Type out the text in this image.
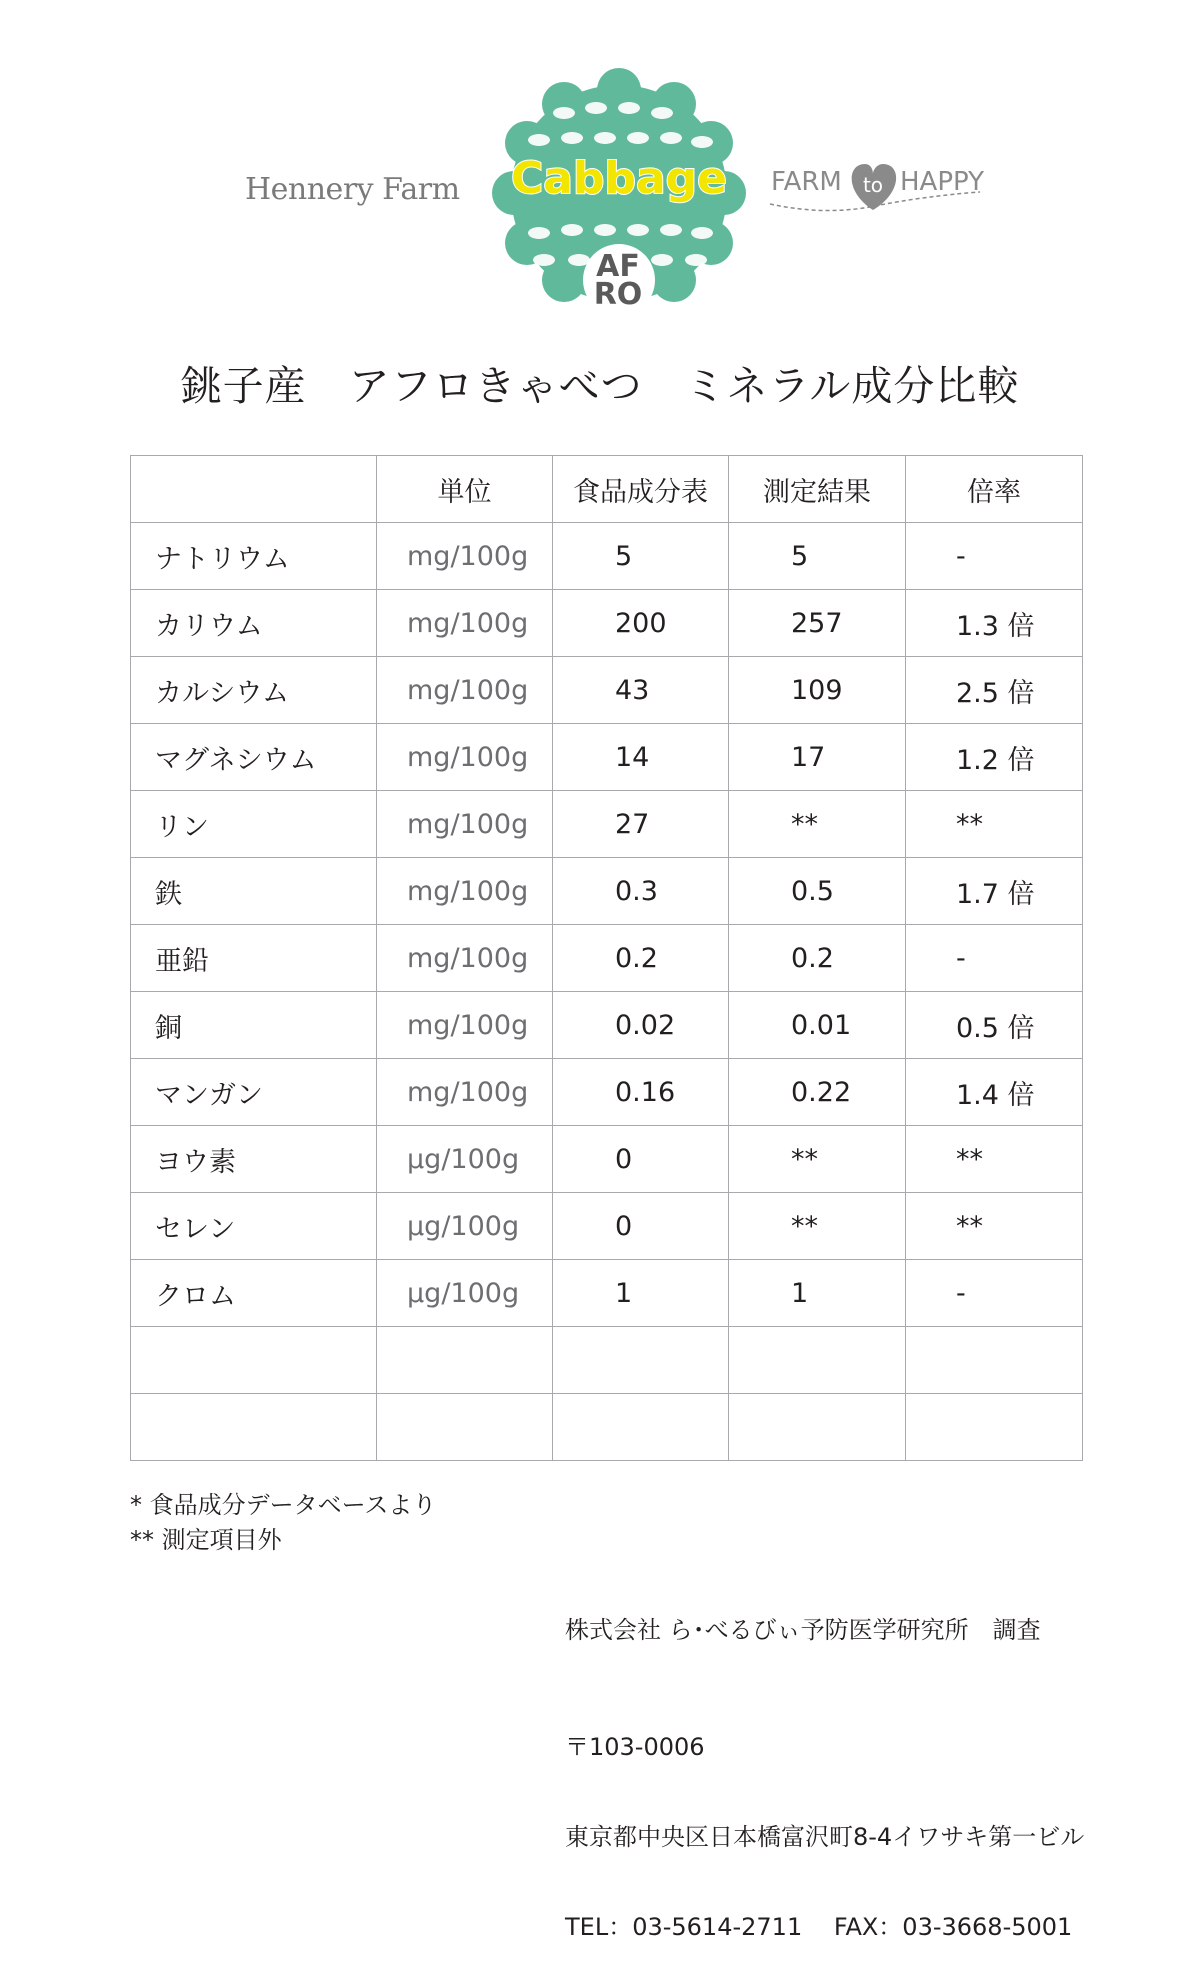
Hennery Farm
AF
RO
Cabbage FARM to HAPPY
銚子産　アフロきゃべつ　ミネラル成分比較
	単位	食品成分表	測定結果	倍率
ナトリウム	mg/100g	5	5	-
カリウム	mg/100g	200	257	1.3 倍
カルシウム	mg/100g	43	109	2.5 倍
マグネシウム	mg/100g	14	17	1.2 倍
リン	mg/100g	27	**	**
鉄	mg/100g	0.3	0.5	1.7 倍
亜鉛	mg/100g	0.2	0.2	-
銅	mg/100g	0.02	0.01	0.5 倍
マンガン	mg/100g	0.16	0.22	1.4 倍
ヨウ素	μg/100g	0	**	**
セレン	μg/100g	0	**	**
クロム	μg/100g	1	1	-

* 食品成分データベースより
** 測定項目外
株式会社 ら･べるびぃ予防医学研究所　調査

〒103-0006

東京都中央区日本橋富沢町8-4イワサキ第一ビル

TEL：03-5614-2711　 FAX：03-3668-5001
